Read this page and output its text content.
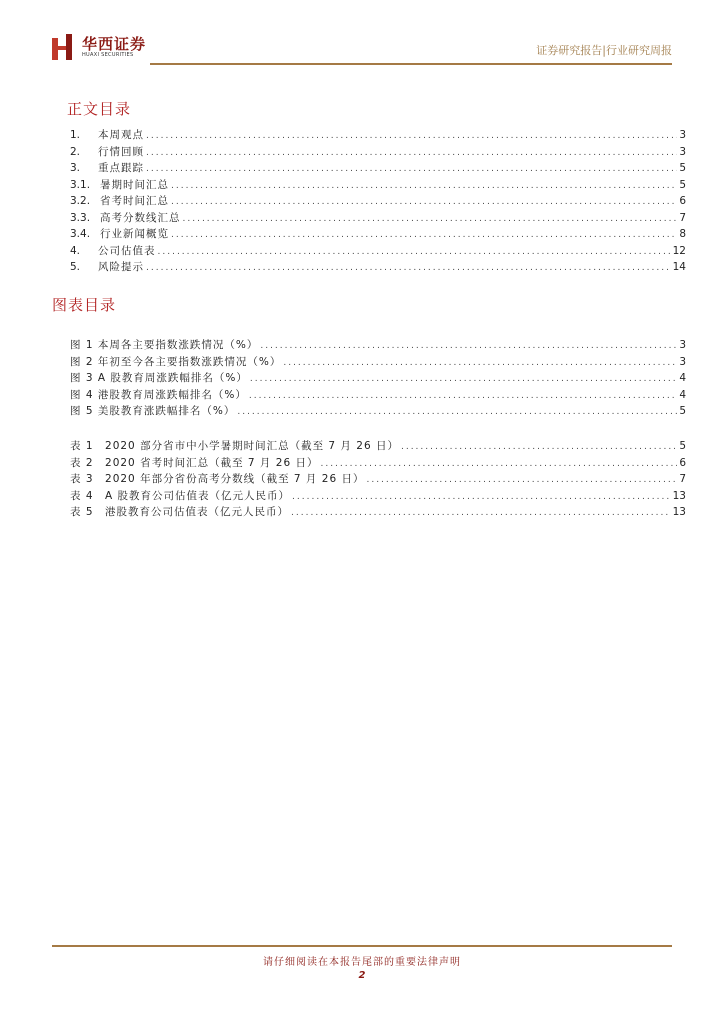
华西证券
HUAXI SECURITIES	证券研究报告|行业研究周报
正文目录
1.	本周观点 .....	3
2.	行情回顾 .....	3
3.	重点跟踪 .....	5
3.1. 暑期时间汇总 .....	5
3.2. 省考时间汇总 .....	6
3.3. 高考分数线汇总 .....	7
3.4. 行业新闻概览 .....	8
4.	公司估值表 .....	12
5.	风险提示 .....	14
图表目录
图 1 本周各主要指数涨跌情况（%） .....	3
图 2 年初至今各主要指数涨跌情况（%） .....	3
图 3 A 股教育周涨跌幅排名（%） .....	4
图 4 港股教育周涨跌幅排名（%） .....	4
图 5 美股教育涨跌幅排名（%） .....	5
表 1　2020 部分省市中小学暑期时间汇总（截至 7 月 26 日） .....	5
表 2　2020 省考时间汇总（截至 7 月 26 日） .....	6
表 3　2020 年部分省份高考分数线（截至 7 月 26 日） .....	7
表 4　A 股教育公司估值表（亿元人民币） .....	13
表 5　港股教育公司估值表（亿元人民币） .....	13
请仔细阅读在本报告尾部的重要法律声明
2
